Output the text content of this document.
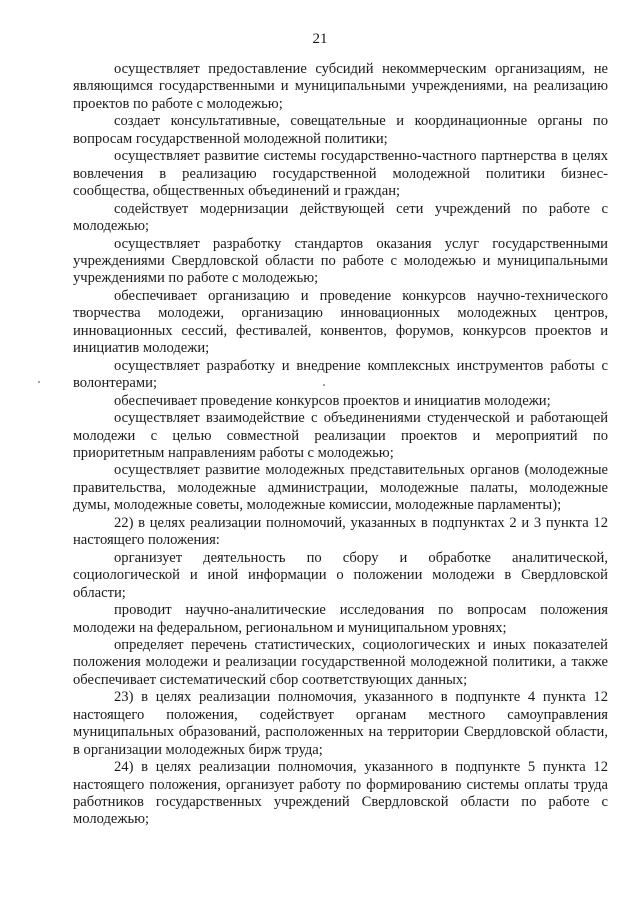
21

осуществляет предоставление субсидий некоммерческим организациям, не являющимся государственными и муниципальными учреждениями, на реализацию проектов по работе с молодежью;

создает консультативные, совещательные и координационные органы по вопросам государственной молодежной политики;

осуществляет развитие системы государственно-частного партнерства в целях вовлечения в реализацию государственной молодежной политики бизнес-сообщества, общественных объединений и граждан;

содействует модернизации действующей сети учреждений по работе с молодежью;

осуществляет разработку стандартов оказания услуг государственными учреждениями Свердловской области по работе с молодежью и муниципальными учреждениями по работе с молодежью;

обеспечивает организацию и проведение конкурсов научно-технического творчества молодежи, организацию инновационных молодежных центров, инновационных сессий, фестивалей, конвентов, форумов, конкурсов проектов и инициатив молодежи;

осуществляет разработку и внедрение комплексных инструментов работы с волонтерами;

обеспечивает проведение конкурсов проектов и инициатив молодежи;

осуществляет взаимодействие с объединениями студенческой и работающей молодежи с целью совместной реализации проектов и мероприятий по приоритетным направлениям работы с молодежью;

осуществляет развитие молодежных представительных органов (молодежные правительства, молодежные администрации, молодежные палаты, молодежные думы, молодежные советы, молодежные комиссии, молодежные парламенты);

22) в целях реализации полномочий, указанных в подпунктах 2 и 3 пункта 12 настоящего положения:

организует деятельность по сбору и обработке аналитической, социологической и иной информации о положении молодежи в Свердловской области;

проводит научно-аналитические исследования по вопросам положения молодежи на федеральном, региональном и муниципальном уровнях;

определяет перечень статистических, социологических и иных показателей положения молодежи и реализации государственной молодежной политики, а также обеспечивает систематический сбор соответствующих данных;

23) в целях реализации полномочия, указанного в подпункте 4 пункта 12 настоящего положения, содействует органам местного самоуправления муниципальных образований, расположенных на территории Свердловской области, в организации молодежных бирж труда;

24) в целях реализации полномочия, указанного в подпункте 5 пункта 12 настоящего положения, организует работу по формированию системы оплаты труда работников государственных учреждений Свердловской области по работе с молодежью;
